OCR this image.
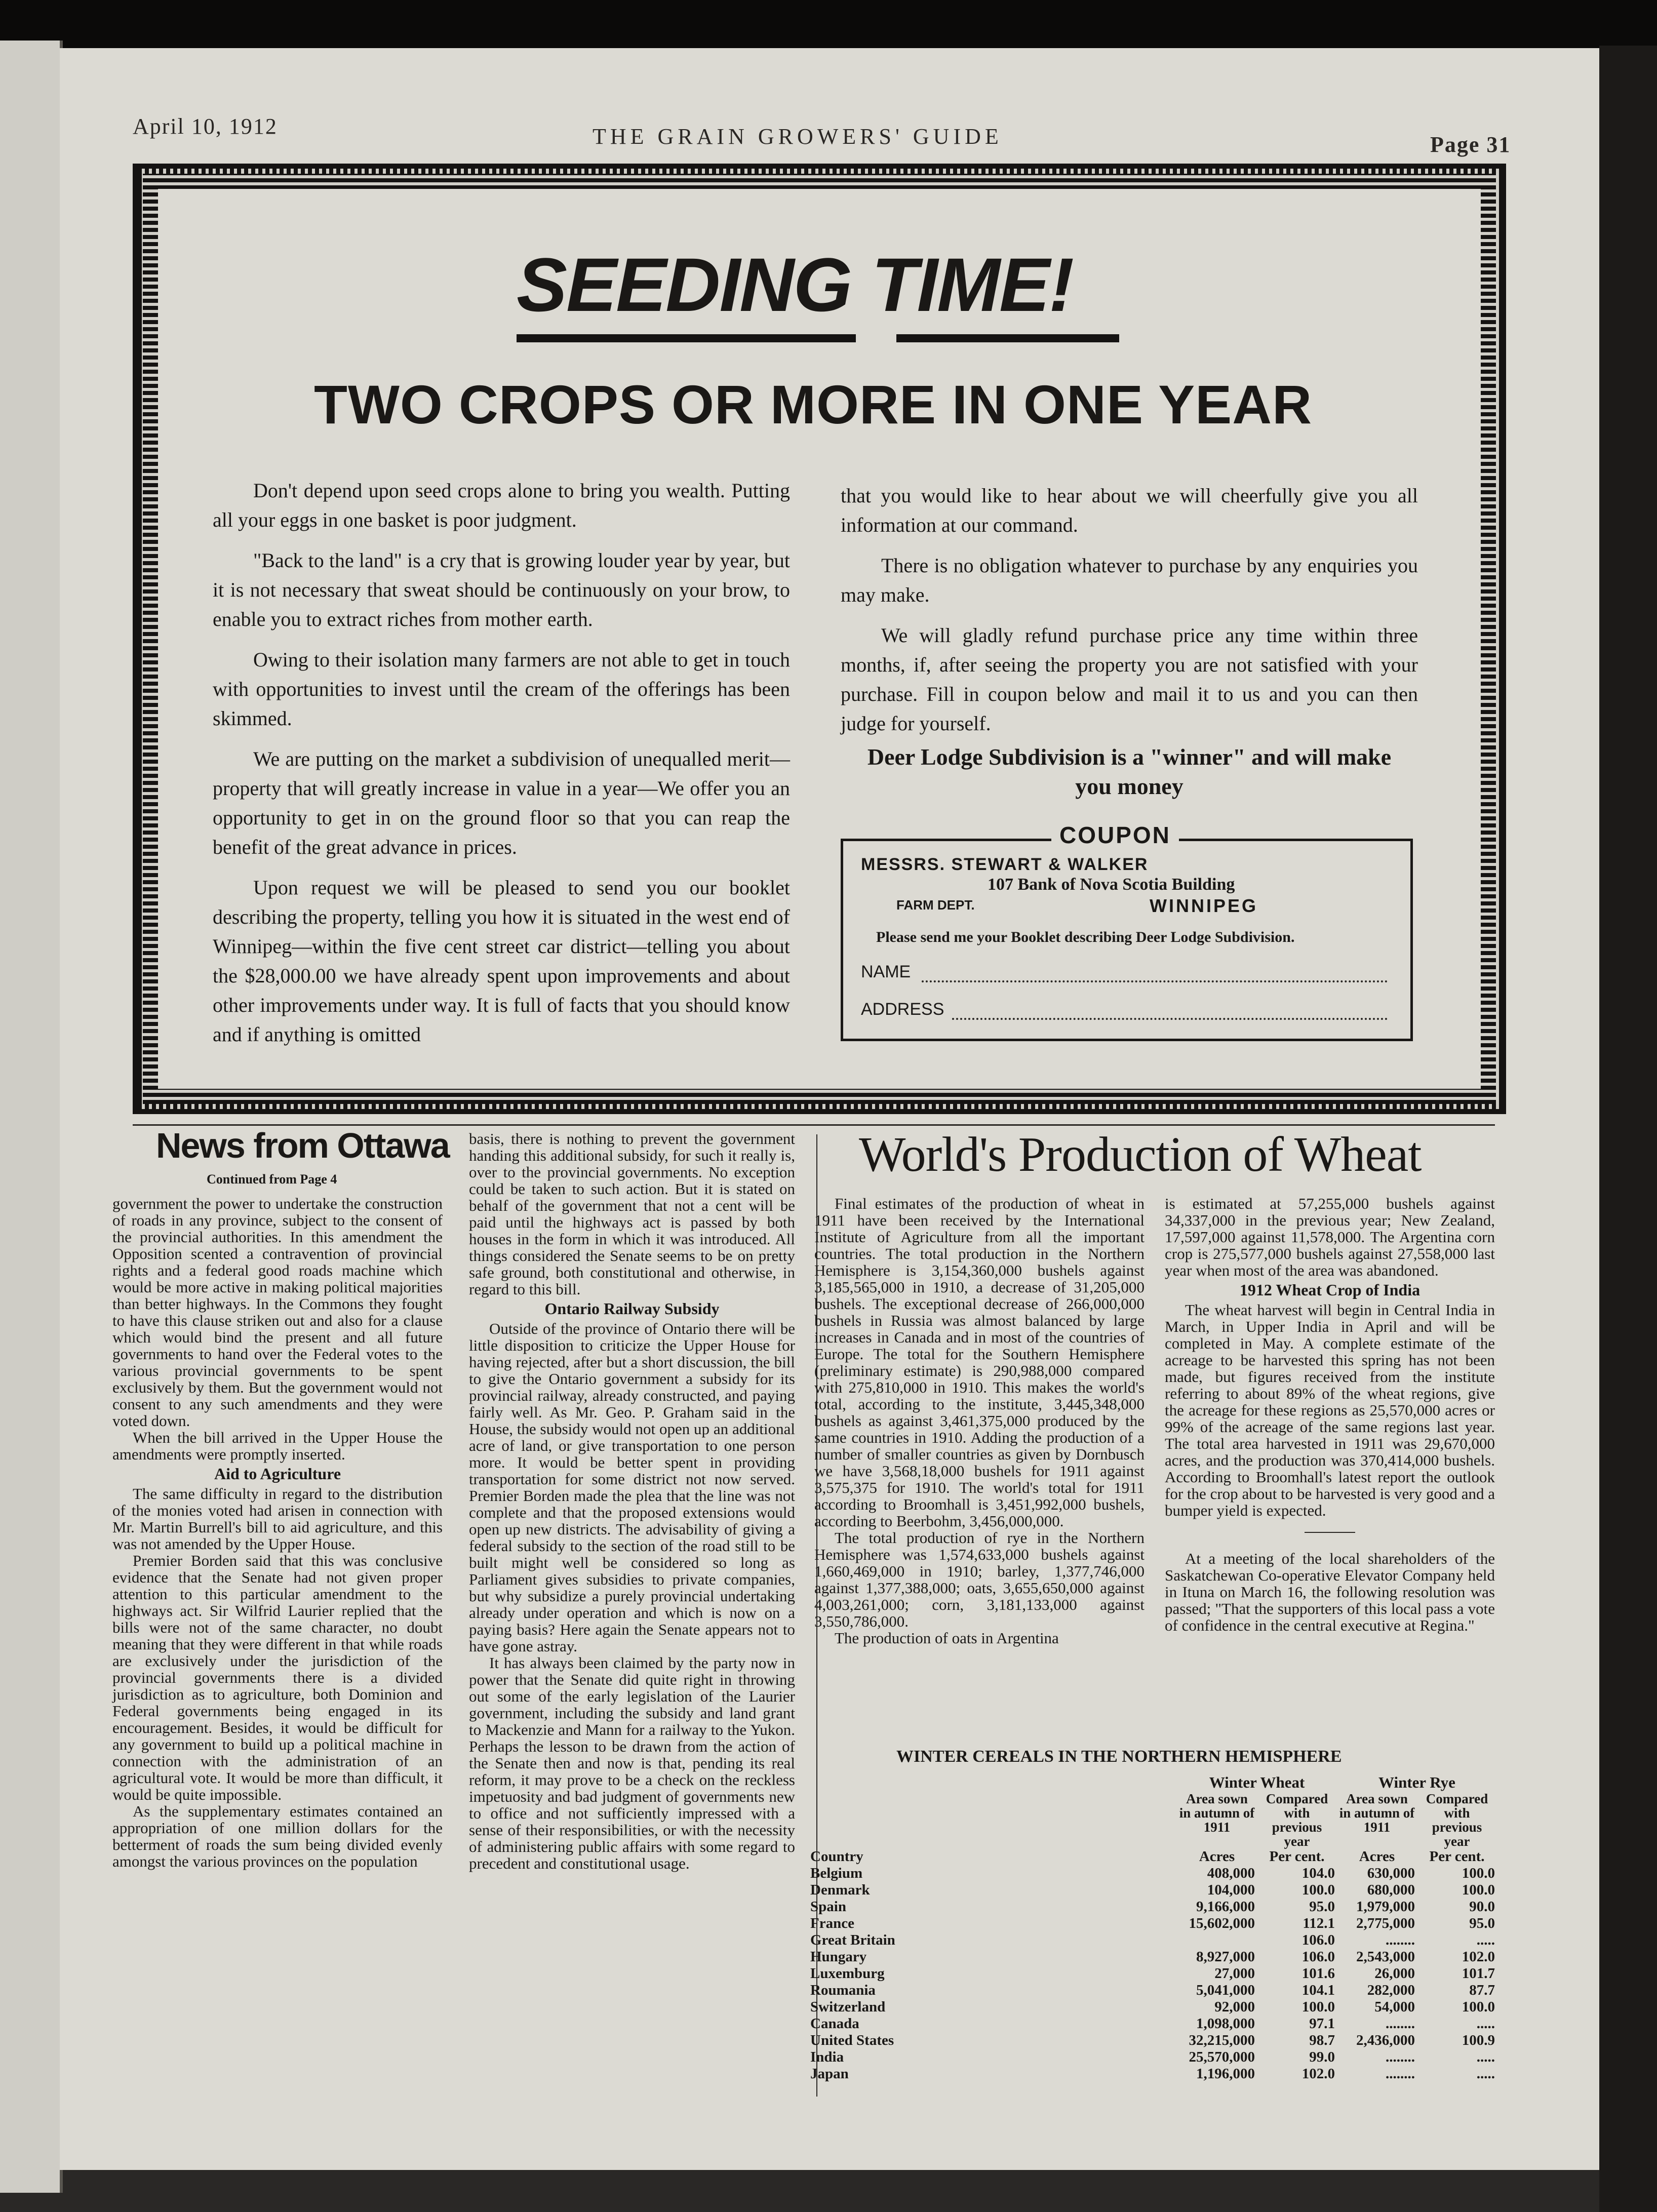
April 10, 1912	THE GRAIN GROWERS' GUIDE	Page 31
SEEDING TIME!
TWO CROPS OR MORE IN ONE YEAR

Don't depend upon seed crops alone to bring you wealth. Putting all your eggs in one basket is poor judgment.

"Back to the land" is a cry that is growing louder year by year, but it is not necessary that sweat should be continuously on your brow, to enable you to extract riches from mother earth.

Owing to their isolation many farmers are not able to get in touch with opportunities to invest until the cream of the offerings has been skimmed.

We are putting on the market a subdivision of unequalled merit—property that will greatly increase in value in a year—We offer you an opportunity to get in on the ground floor so that you can reap the benefit of the great advance in prices.

Upon request we will be pleased to send you our booklet describing the property, telling you how it is situated in the west end of Winnipeg—within the five cent street car district—telling you about the $28,000.00 we have already spent upon improvements and about other improvements under way. It is full of facts that you should know and if anything is omitted

that you would like to hear about we will cheerfully give you all information at our command.

There is no obligation whatever to purchase by any enquiries you may make.

We will gladly refund purchase price any time within three months, if, after seeing the property you are not satisfied with your purchase. Fill in coupon below and mail it to us and you can then judge for yourself.

Deer Lodge Subdivision is a "winner" and will make you money
COUPON
MESSRS. STEWART & WALKER
107 Bank of Nova Scotia Building
FARM DEPT.	WINNIPEG
Please send me your Booklet describing Deer Lodge Subdivision.
NAME
ADDRESS
News from Ottawa
Continued from Page 4

government the power to undertake the construction of roads in any province, subject to the consent of the provincial authorities. In this amendment the Opposition scented a contravention of provincial rights and a federal good roads machine which would be more active in making political majorities than better highways. In the Commons they fought to have this clause striken out and also for a clause which would bind the present and all future governments to hand over the Federal votes to the various provincial governments to be spent exclusively by them. But the government would not consent to any such amendments and they were voted down.

When the bill arrived in the Upper House the amendments were promptly inserted.

Aid to Agriculture

The same difficulty in regard to the distribution of the monies voted had arisen in connection with Mr. Martin Burrell's bill to aid agriculture, and this was not amended by the Upper House.

Premier Borden said that this was conclusive evidence that the Senate had not given proper attention to this particular amendment to the highways act. Sir Wilfrid Laurier replied that the bills were not of the same character, no doubt meaning that they were different in that while roads are exclusively under the jurisdiction of the provincial governments there is a divided jurisdiction as to agriculture, both Dominion and Federal governments being engaged in its encouragement. Besides, it would be difficult for any government to build up a political machine in connection with the administration of an agricultural vote. It would be more than difficult, it would be quite impossible.

As the supplementary estimates contained an appropriation of one million dollars for the betterment of roads the sum being divided evenly amongst the various provinces on the population

basis, there is nothing to prevent the government handing this additional subsidy, for such it really is, over to the provincial governments. No exception could be taken to such action. But it is stated on behalf of the government that not a cent will be paid until the highways act is passed by both houses in the form in which it was introduced. All things considered the Senate seems to be on pretty safe ground, both constitutional and otherwise, in regard to this bill.

Ontario Railway Subsidy

Outside of the province of Ontario there will be little disposition to criticize the Upper House for having rejected, after but a short discussion, the bill to give the Ontario government a subsidy for its provincial railway, already constructed, and paying fairly well. As Mr. Geo. P. Graham said in the House, the subsidy would not open up an additional acre of land, or give transportation to one person more. It would be better spent in providing transportation for some district not now served. Premier Borden made the plea that the line was not complete and that the proposed extensions would open up new districts. The advisability of giving a federal subsidy to the section of the road still to be built might well be considered so long as Parliament gives subsidies to private companies, but why subsidize a purely provincial undertaking already under operation and which is now on a paying basis? Here again the Senate appears not to have gone astray.

It has always been claimed by the party now in power that the Senate did quite right in throwing out some of the early legislation of the Laurier government, including the subsidy and land grant to Mackenzie and Mann for a railway to the Yukon. Perhaps the lesson to be drawn from the action of the Senate then and now is that, pending its real reform, it may prove to be a check on the reckless impetuosity and bad judgment of governments new to office and not sufficiently impressed with a sense of their responsibilities, or with the necessity of administering public affairs with some regard to precedent and constitutional usage.

World's Production of Wheat

Final estimates of the production of wheat in 1911 have been received by the International Institute of Agriculture from all the important countries. The total production in the Northern Hemisphere is 3,154,360,000 bushels against 3,185,565,000 in 1910, a decrease of 31,205,000 bushels. The exceptional decrease of 266,000,000 bushels in Russia was almost balanced by large increases in Canada and in most of the countries of Europe. The total for the Southern Hemisphere (preliminary estimate) is 290,988,000 compared with 275,810,000 in 1910. This makes the world's total, according to the institute, 3,445,348,000 bushels as against 3,461,375,000 produced by the same countries in 1910. Adding the production of a number of smaller countries as given by Dornbusch we have 3,568,18,000 bushels for 1911 against 3,575,375 for 1910. The world's total for 1911 according to Broomhall is 3,451,992,000 bushels, according to Beerbohm, 3,456,000,000.

The total production of rye in the Northern Hemisphere was 1,574,633,000 bushels against 1,660,469,000 in 1910; barley, 1,377,746,000 against 1,377,388,000; oats, 3,655,650,000 against 4,003,261,000; corn, 3,181,133,000 against 3,550,786,000.

The production of oats in Argentina

is estimated at 57,255,000 bushels against 34,337,000 in the previous year; New Zealand, 17,597,000 against 11,578,000. The Argentina corn crop is 275,577,000 bushels against 27,558,000 last year when most of the area was abandoned.

1912 Wheat Crop of India

The wheat harvest will begin in Central India in March, in Upper India in April and will be completed in May. A complete estimate of the acreage to be harvested this spring has not been made, but figures received from the institute referring to about 89% of the wheat regions, give the acreage for these regions as 25,570,000 acres or 99% of the acreage of the same regions last year. The total area harvested in 1911 was 29,670,000 acres, and the production was 370,414,000 bushels. According to Broomhall's latest report the outlook for the crop about to be harvested is very good and a bumper yield is expected.

At a meeting of the local shareholders of the Saskatchewan Co-operative Elevator Company held in Ituna on March 16, the following resolution was passed; "That the supporters of this local pass a vote of confidence in the central executive at Regina."

WINTER CEREALS IN THE NORTHERN HEMISPHERE
	Winter Wheat		Winter Rye	
	Area sown in autumn of 1911	Compared with previous year	Area sown in autumn of 1911	Compared with previous year
Country	Acres	Per cent.	Acres	Per cent.
Belgium	408,000	104.0	630,000	100.0
Denmark	104,000	100.0	680,000	100.0
Spain	9,166,000	95.0	1,979,000	90.0
France	15,602,000	112.1	2,775,000	95.0
Great Britain		106.0	........	.....
Hungary	8,927,000	106.0	2,543,000	102.0
Luxemburg	27,000	101.6	26,000	101.7
Roumania	5,041,000	104.1	282,000	87.7
Switzerland	92,000	100.0	54,000	100.0
Canada	1,098,000	97.1	........	.....
United States	32,215,000	98.7	2,436,000	100.9
India	25,570,000	99.0	........	.....
Japan	1,196,000	102.0	........	.....
